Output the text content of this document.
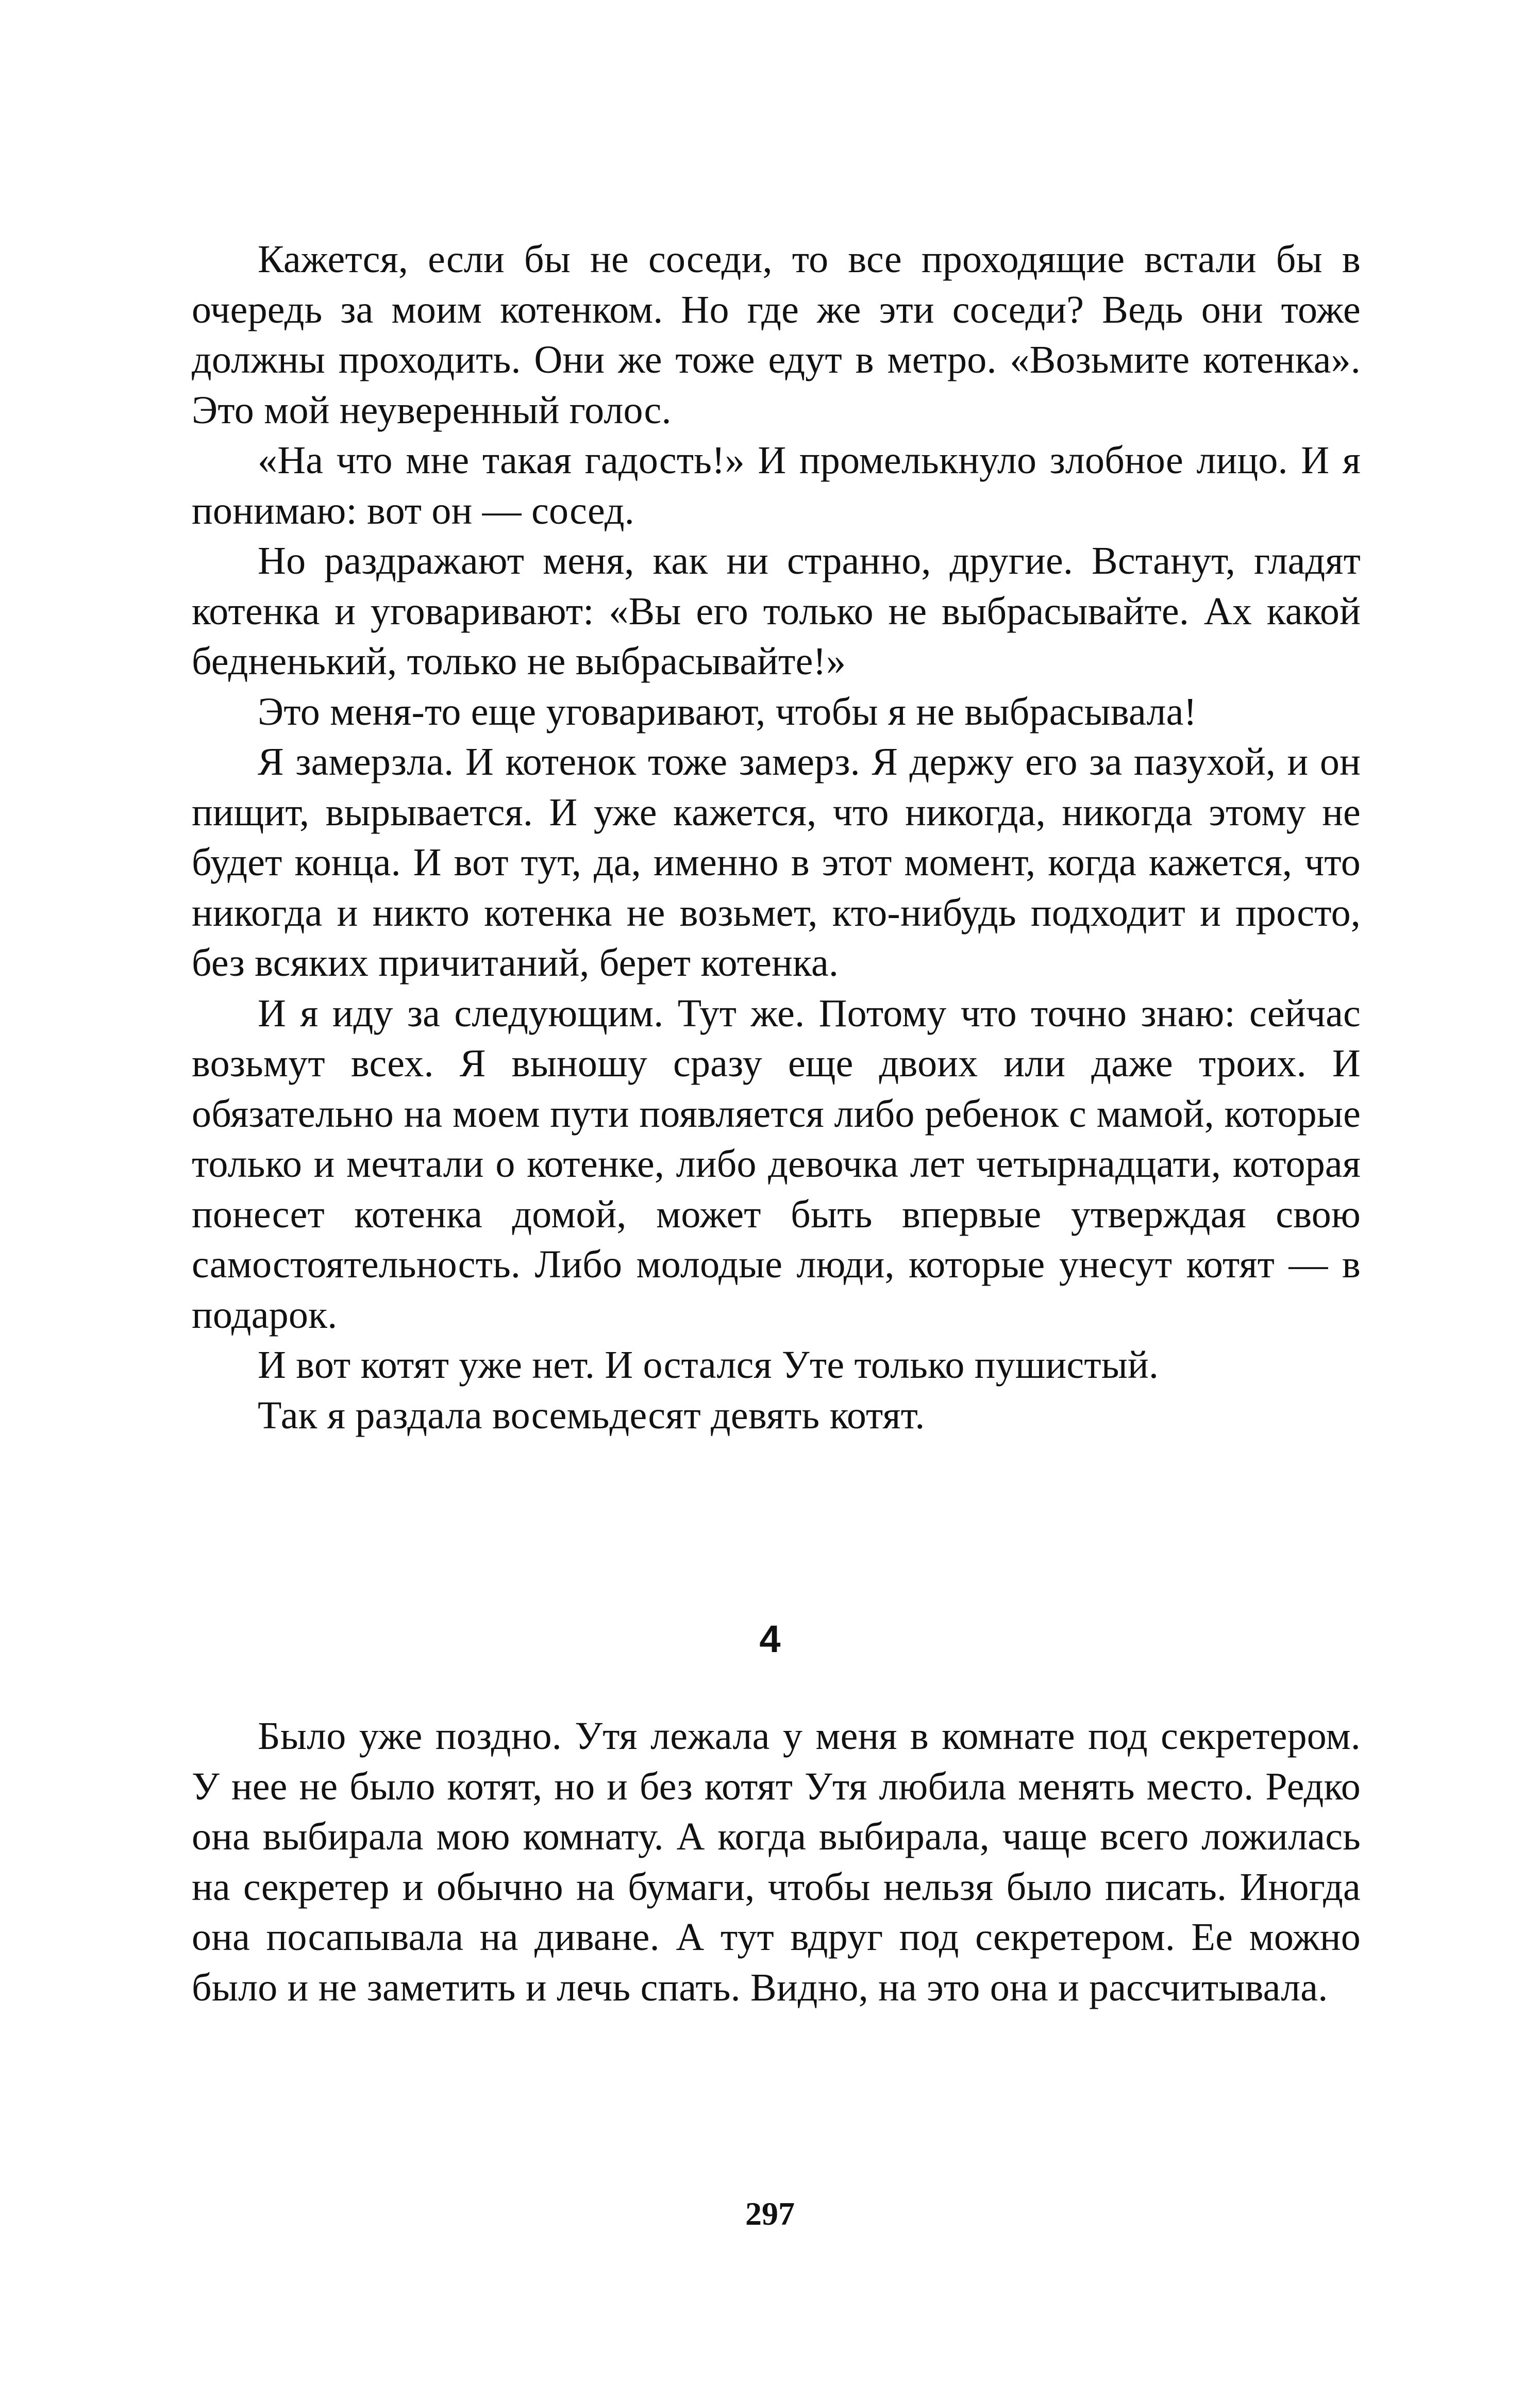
Кажется, если бы не соседи, то все проходящие встали бы в очередь за моим котенком. Но где же эти соседи? Ведь они тоже должны проходить. Они же тоже едут в метро. «Возьмите котенка». Это мой неуверенный голос.

«На что мне такая гадость!» И промелькнуло злобное лицо. И я понимаю: вот он — сосед.

Но раздражают меня, как ни странно, другие. Встанут, гладят котенка и уговаривают: «Вы его только не выбрасывайте. Ах какой бедненький, только не выбрасывайте!»

Это меня-то еще уговаривают, чтобы я не выбрасывала!

Я замерзла. И котенок тоже замерз. Я держу его за пазухой, и он пищит, вырывается. И уже кажется, что никогда, никогда этому не будет конца. И вот тут, да, именно в этот момент, когда кажется, что никогда и никто котенка не возьмет, кто-нибудь подходит и просто, без всяких причитаний, берет котенка.

И я иду за следующим. Тут же. Потому что точно знаю: сейчас возьмут всех. Я выношу сразу еще двоих или даже троих. И обязательно на моем пути появляется либо ребенок с мамой, которые только и мечтали о котенке, либо девочка лет четырнадцати, которая понесет котенка домой, может быть впервые утверждая свою самостоятельность. Либо молодые люди, которые унесут котят — в подарок.

И вот котят уже нет. И остался Уте только пушистый.

Так я раздала восемьдесят девять котят.

4

Было уже поздно. Утя лежала у меня в комнате под секретером. У нее не было котят, но и без котят Утя любила менять место. Редко она выбирала мою комнату. А когда выбирала, чаще всего ложилась на секретер и обычно на бумаги, чтобы нельзя было писать. Иногда она посапывала на диване. А тут вдруг под секретером. Ее можно было и не заметить и лечь спать. Видно, на это она и рассчитывала.

297
